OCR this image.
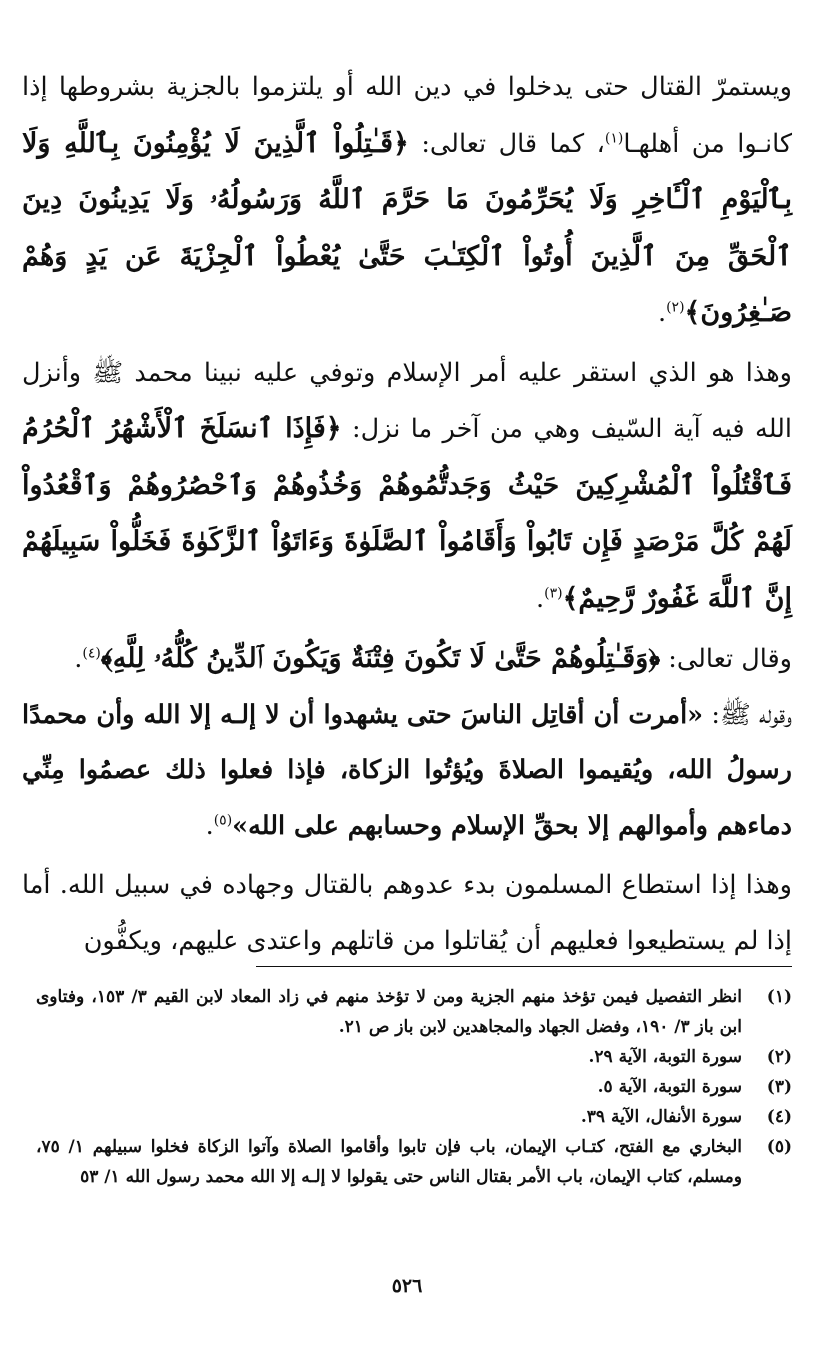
ويستمرّ القتال حتى يدخلوا في دين الله أو يلتزموا بالجزية بشروطها إذا كانـوا من أهلهـا$^{(١)}$، كما قال تعالى: ﴿قَـٰتِلُواْ ٱلَّذِينَ لَا يُؤْمِنُونَ بِٱللَّهِ وَلَا بِٱلْيَوْمِ ٱلْـَٔاخِرِ وَلَا يُحَرِّمُونَ مَا حَرَّمَ ٱللَّهُ وَرَسُولُهُۥ وَلَا يَدِينُونَ دِينَ ٱلْحَقِّ مِنَ ٱلَّذِينَ أُوتُواْ ٱلْكِتَـٰبَ حَتَّىٰ يُعْطُواْ ٱلْجِزْيَةَ عَن يَدٍ وَهُمْ صَـٰغِرُونَ﴾$^{(٢)}$.

وهذا هو الذي استقر عليه أمر الإسلام وتوفي عليه نبينا محمد ﷺ وأنزل الله فيه آية السّيف وهي من آخر ما نزل: ﴿فَإِذَا ٱنسَلَخَ ٱلْأَشْهُرُ ٱلْحُرُمُ فَٱقْتُلُواْ ٱلْمُشْرِكِينَ حَيْثُ وَجَدتُّمُوهُمْ وَخُذُوهُمْ وَٱحْصُرُوهُمْ وَٱقْعُدُواْ لَهُمْ كُلَّ مَرْصَدٍ فَإِن تَابُواْ وَأَقَامُواْ ٱلصَّلَوٰةَ وَءَاتَوُاْ ٱلزَّكَوٰةَ فَخَلُّواْ سَبِيلَهُمْ إِنَّ ٱللَّهَ غَفُورٌ رَّحِيمٌ﴾$^{(٣)}$.

وقال تعالى: ﴿وَقَـٰتِلُوهُمْ حَتَّىٰ لَا تَكُونَ فِتْنَةٌ وَيَكُونَ ٱلدِّينُ كُلُّهُۥ لِلَّهِ﴾$^{(٤)}$.
وقوله ﷺ: «أمرت أن أقاتِل الناسَ حتى يشهدوا أن لا إلـه إلا الله وأن محمدًا رسولُ الله، ويُقيموا الصلاةَ ويُؤتُوا الزكاة، فإذا فعلوا ذلك عصمُوا مِنِّي دماءهم وأموالهم إلا بحقِّ الإسلام وحسابهم على الله»$^{(٥)}$.

وهذا إذا استطاع المسلمون بدء عدوهم بالقتال وجهاده في سبيل الله. أما إذا لم يستطيعوا فعليهم أن يُقاتلوا من قاتلهم واعتدى عليهم، ويكفُّون

(١)
انظر التفصيل فيمن تؤخذ منهم الجزية ومن لا تؤخذ منهم في زاد المعاد لابن القيم ٣/ ١٥٣، وفتاوى ابن باز ٣/ ١٩٠، وفضل الجهاد والمجاهدين لابن باز ص ٢١.
(٢)
سورة التوبة، الآية ٢٩.
(٣)
سورة التوبة، الآية ٥.
(٤)
سورة الأنفال، الآية ٣٩.
(٥)
البخاري مع الفتح، كتـاب الإيمان، باب فإن تابوا وأقاموا الصلاة وآتوا الزكاة فخلوا سبيلهم ١/ ٧٥، ومسلم، كتاب الإيمان، باب الأمر بقتال الناس حتى يقولوا لا إلـه إلا الله محمد رسول الله ١/ ٥٣
٥٢٦
